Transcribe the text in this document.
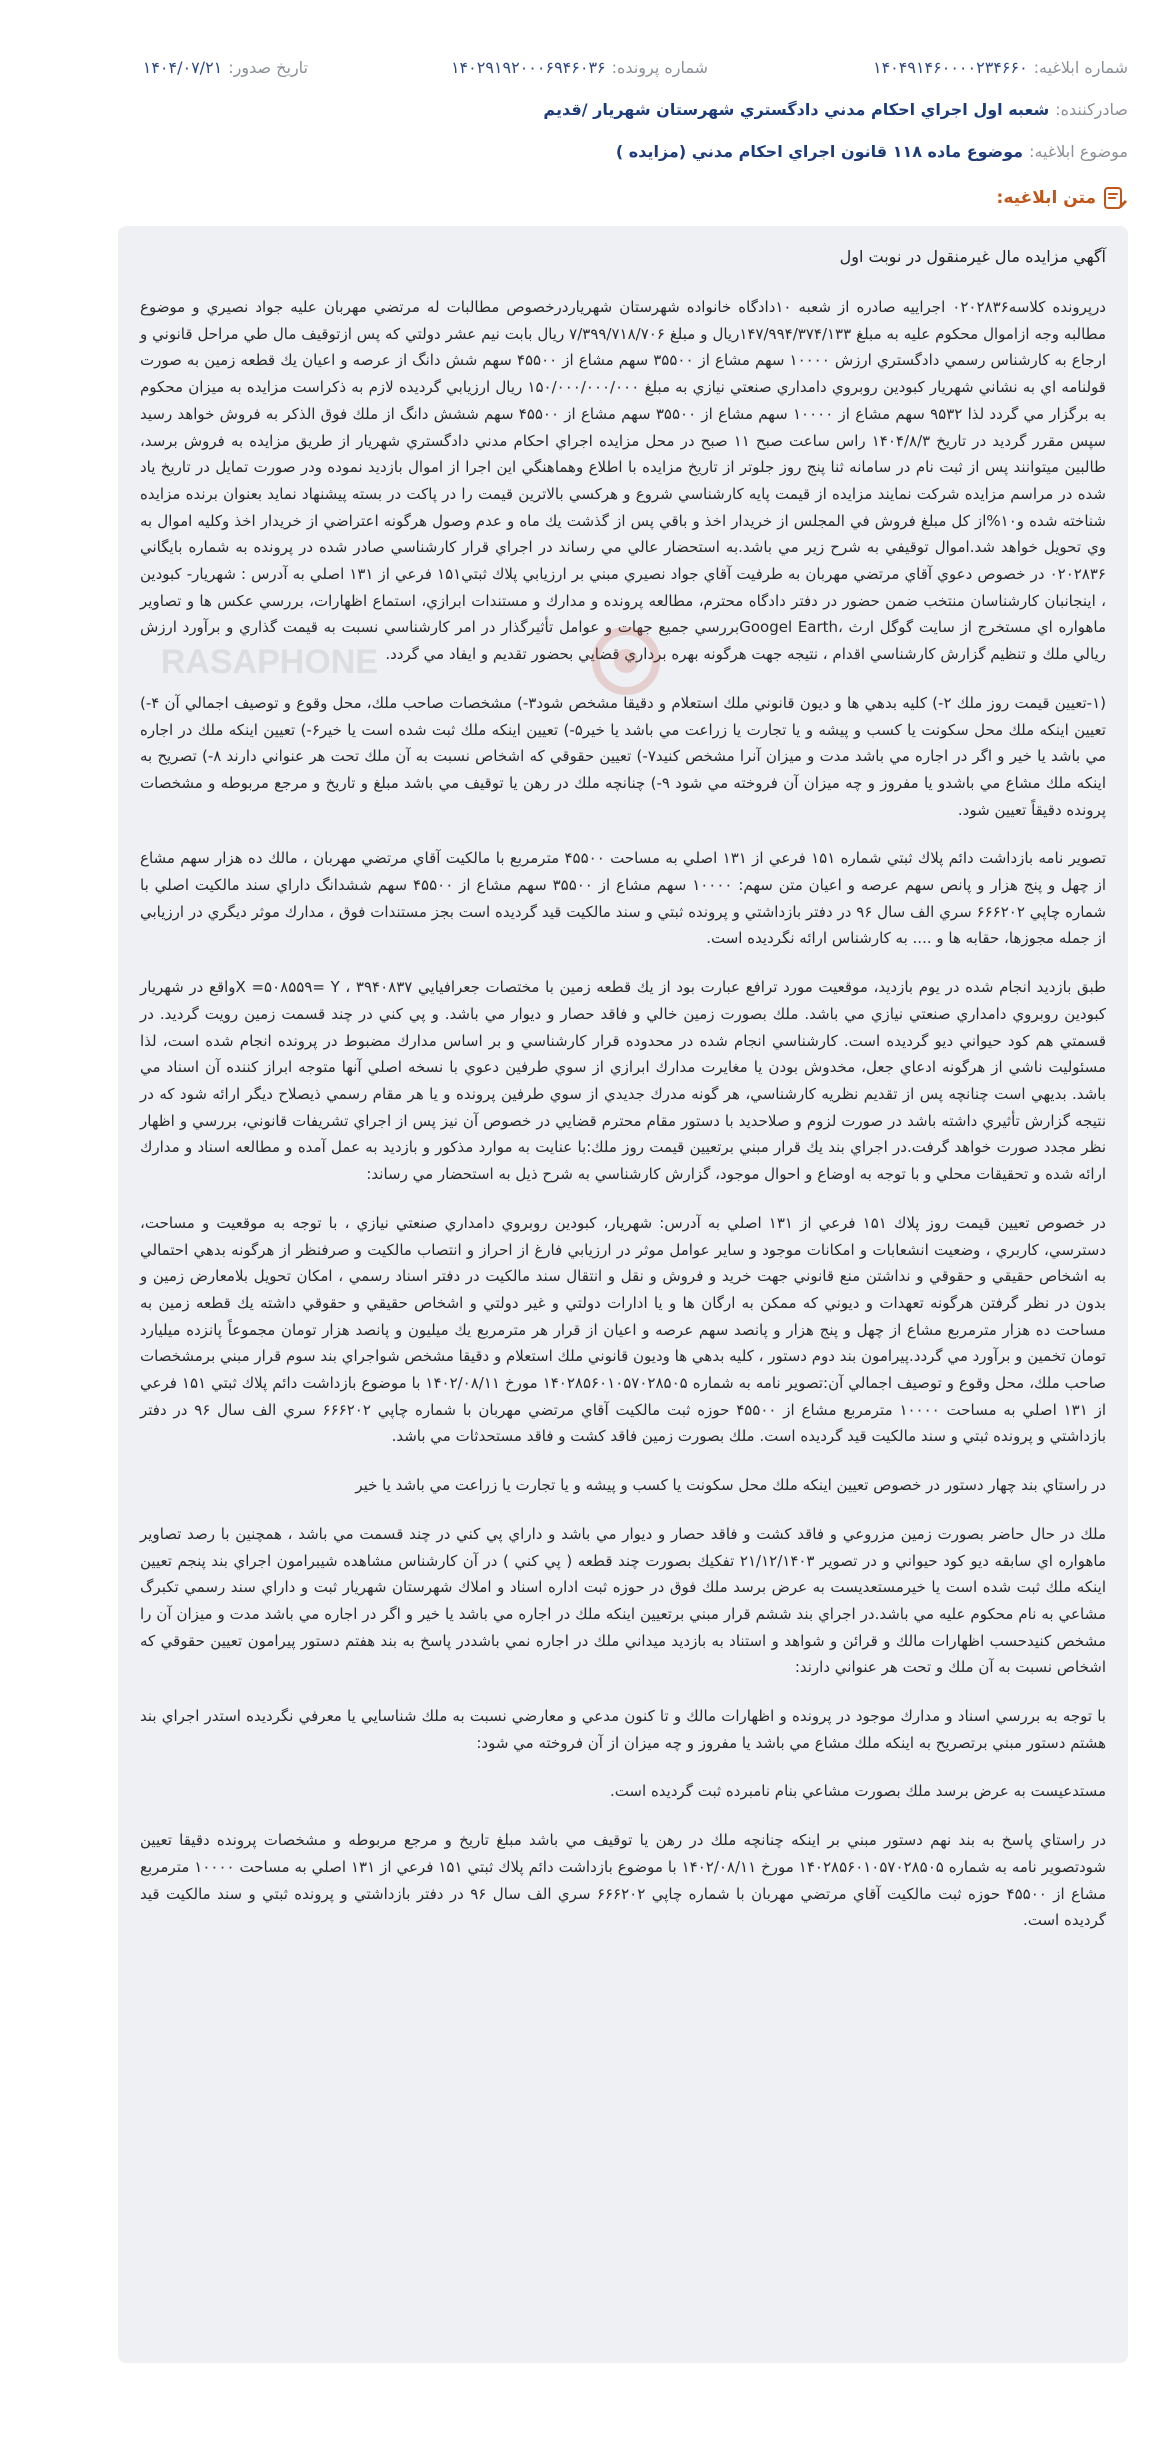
شماره ابلاغیه:
۱۴۰۴۹۱۴۶۰۰۰۰۲۳۴۶۶۰
شماره پرونده:
۱۴۰۲۹۱۹۲۰۰۰۶۹۴۶۰۳۶
تاریخ صدور:
۱۴۰۴/۰۷/۲۱
صادرکننده:
شعبه اول اجراي احكام مدني دادگستري شهرستان شهريار /قديم
موضوع ابلاغیه:
موضوع ماده ۱۱۸ قانون اجراي احكام مدني (مزايده )
متن ابلاغیه:
RASAPHONE

آگهي مزايده مال غيرمنقول در نوبت اول

درپرونده كلاسه۰۲۰۲۸۳۶ اجراييه صادره از شعبه ۱۰دادگاه خانواده شهرستان شهرياردرخصوص مطالبات له مرتضي مهربان عليه جواد نصيري و موضوع مطالبه وجه ازاموال محكوم عليه به مبلغ ۱۴۷/۹۹۴/۳۷۴/۱۳۳ريال و مبلغ ۷/۳۹۹/۷۱۸/۷۰۶ ريال بابت نيم عشر دولتي كه پس ازتوقيف مال طي مراحل قانوني و ارجاع به كارشناس رسمي دادگستري ارزش ۱۰۰۰۰ سهم مشاع از ۳۵۵۰۰ سهم مشاع از ۴۵۵۰۰ سهم شش دانگ از عرصه و اعيان يك قطعه زمين به صورت قولنامه اي به نشاني شهريار كبودين روبروي دامداري صنعتي نيازي به مبلغ ۱۵۰/۰۰۰/۰۰۰/۰۰۰ ريال ارزيابي گرديده لازم به ذكراست مزايده به ميزان محكوم به برگزار مي گردد لذا ۹۵۳۲ سهم مشاع از ۱۰۰۰۰ سهم مشاع از ۳۵۵۰۰ سهم مشاع از ۴۵۵۰۰ سهم ششش دانگ از ملك فوق الذكر به فروش خواهد رسيد سپس مقرر گرديد در تاريخ ۱۴۰۴/۸/۳ راس ساعت صبح ۱۱ صبح در محل مزايده اجراي احكام مدني دادگستري شهريار از طريق مزايده به فروش برسد، طالبين ميتوانند پس از ثبت نام در سامانه ثنا پنج روز جلوتر از تاريخ مزايده با اطلاع وهماهنگي اين اجرا از اموال بازديد نموده ودر صورت تمايل در تاريخ ياد شده در مراسم مزايده شركت نمايند مزايده از قيمت پايه كارشناسي شروع و هركسي بالاترين قيمت را در پاكت در بسته پيشنهاد نمايد بعنوان برنده مزايده شناخته شده و۱۰%از كل مبلغ فروش في المجلس از خريدار اخذ و باقي پس از گذشت يك ماه و عدم وصول هرگونه اعتراضي از خريدار اخذ وكليه اموال به وي تحويل خواهد شد.اموال توقيفي به شرح زير مي باشد.به استحضار عالي مي رساند در اجراي قرار كارشناسي صادر شده در پرونده به شماره بايگاني ۰۲۰۲۸۳۶ در خصوص دعوي آقاي مرتضي مهربان به طرفيت آقاي جواد نصيري مبني بر ارزيابي پلاك ثبتي۱۵۱ فرعي از ۱۳۱ اصلي به آدرس : شهريار- كبودين ، اينجانبان كارشناسان منتخب ضمن حضور در دفتر دادگاه محترم، مطالعه پرونده و مدارك و مستندات ابرازي، استماع اظهارات، بررسي عكس ها و تصاوير ماهواره اي مستخرج از سايت گوگل ارث ،Googel Earthبررسي جميع جهات و عوامل تأثيرگذار در امر كارشناسي نسبت به قيمت گذاري و برآورد ارزش ريالي ملك و تنظيم گزارش كارشناسي اقدام ، نتيجه جهت هرگونه بهره برداري قضايي بحضور تقديم و ايفاد مي گردد.

(۱-تعيين قيمت روز ملك ۲-) كليه بدهي ها و ديون قانوني ملك استعلام و دقيقا مشخص شود۳-) مشخصات صاحب ملك، محل وقوع و توصيف اجمالي آن ۴-) تعيين اينكه ملك محل سكونت يا كسب و پيشه و يا تجارت يا زراعت مي باشد يا خير۵-) تعيين اينكه ملك ثبت شده است يا خير۶-) تعيين اينكه ملك در اجاره مي باشد يا خير و اگر در اجاره مي باشد مدت و ميزان آنرا مشخص كنيد۷-) تعيين حقوقي كه اشخاص نسبت به آن ملك تحت هر عنواني دارند ۸-) تصريح به اينكه ملك مشاع مي باشدو يا مفروز و چه ميزان آن فروخته مي شود ۹-) چنانچه ملك در رهن يا توقيف مي باشد مبلغ و تاريخ و مرجع مربوطه و مشخصات پرونده دقيقاً تعيين شود.

تصوير نامه بازداشت دائم پلاك ثبتي شماره ۱۵۱ فرعي از ۱۳۱ اصلي به مساحت ۴۵۵۰۰ مترمربع با مالكيت آقاي مرتضي مهربان ، مالك ده هزار سهم مشاع از چهل و پنج هزار و پانص سهم عرصه و اعيان متن سهم: ۱۰۰۰۰ سهم مشاع از ۳۵۵۰۰ سهم مشاع از ۴۵۵۰۰ سهم ششدانگ داراي سند مالكيت اصلي با شماره چاپي ۶۶۶۲۰۲ سري الف سال ۹۶ در دفتر بازداشتي و پرونده ثبتي و سند مالكيت قيد گرديده است بجز مستندات فوق ، مدارك موثر ديگري در ارزيابي از جمله مجوزها، حقابه ها و .... به كارشناس ارائه نگرديده است.

طبق بازديد انجام شده در يوم بازديد، موقعيت مورد ترافع عبارت بود از يك قطعه زمين با مختصات جعرافيايي ۳۹۴۰۸۳۷ ، X =۵۰۸۵۵۹= Yواقع در شهريار كبودين روبروي دامداري صنعتي نيازي مي باشد. ملك بصورت زمين خالي و فاقد حصار و ديوار مي باشد. و پي كني در چند قسمت زمين رويت گرديد. در قسمتي هم كود حيواني ديو گرديده است. كارشناسي انجام شده در محدوده قرار كارشناسي و بر اساس مدارك مضبوط در پرونده انجام شده است، لذا مسئوليت ناشي از هرگونه ادعاي جعل، مخدوش بودن يا مغايرت مدارك ابرازي از سوي طرفين دعوي با نسخه اصلي آنها متوجه ابراز كننده آن اسناد مي باشد. بديهي است چنانچه پس از تقديم نظريه كارشناسي، هر گونه مدرك جديدي از سوي طرفين پرونده و يا هر مقام رسمي ذيصلاح ديگر ارائه شود كه در نتيجه گزارش تأثيري داشته باشد در صورت لزوم و صلاحديد با دستور مقام محترم قضايي در خصوص آن نيز پس از اجراي تشريفات قانوني، بررسي و اظهار نظر مجدد صورت خواهد گرفت.در اجراي بند يك قرار مبني برتعيين قيمت روز ملك:با عنايت به موارد مذكور و بازديد به عمل آمده و مطالعه اسناد و مدارك ارائه شده و تحقيقات محلي و با توجه به اوضاع و احوال موجود، گزارش كارشناسي به شرح ذيل به استحضار مي رساند:

در خصوص تعيين قيمت روز پلاك ۱۵۱ فرعي از ۱۳۱ اصلي به آدرس: شهريار، كبودين روبروي دامداري صنعتي نيازي ، با توجه به موقعيت و مساحت، دسترسي، كاربري ، وضعيت انشعابات و امكانات موجود و ساير عوامل موثر در ارزيابي فارغ از احراز و انتصاب مالكيت و صرفنظر از هرگونه بدهي احتمالي به اشخاص حقيقي و حقوقي و نداشتن منع قانوني جهت خريد و فروش و نقل و انتقال سند مالكيت در دفتر اسناد رسمي ، امكان تحويل بلامعارض زمين و بدون در نظر گرفتن هرگونه تعهدات و ديوني كه ممكن به ارگان ها و يا ادارات دولتي و غير دولتي و اشخاص حقيقي و حقوقي داشته يك قطعه زمين به مساحت ده هزار مترمربع مشاع از چهل و پنج هزار و پانصد سهم عرصه و اعيان از قرار هر مترمربع يك ميليون و پانصد هزار تومان مجموعاً پانزده ميليارد تومان تخمين و برآورد مي گردد.پيرامون بند دوم دستور ، كليه بدهي ها وديون قانوني ملك استعلام و دقيقا مشخص شواجراي بند سوم قرار مبني برمشخصات صاحب ملك، محل وقوع و توصيف اجمالي آن:تصوير نامه به شماره ۱۴۰۲۸۵۶۰۱۰۵۷۰۲۸۵۰۵ مورخ ۱۴۰۲/۰۸/۱۱ با موضوع بازداشت دائم پلاك ثبتي ۱۵۱ فرعي از ۱۳۱ اصلي به مساحت ۱۰۰۰۰ مترمربع مشاع از ۴۵۵۰۰ حوزه ثبت مالكيت آقاي مرتضي مهربان با شماره چاپي ۶۶۶۲۰۲ سري الف سال ۹۶ در دفتر بازداشتي و پرونده ثبتي و سند مالكيت قيد گرديده است. ملك بصورت زمين فاقد كشت و فاقد مستحدثات مي باشد.

در راستاي بند چهار دستور در خصوص تعيين اينكه ملك محل سكونت يا كسب و پيشه و يا تجارت يا زراعت مي باشد يا خير

ملك در حال حاضر بصورت زمين مزروعي و فاقد كشت و فاقد حصار و ديوار مي باشد و داراي پي كني در چند قسمت مي باشد ، همچنين با رصد تصاوير ماهواره اي سابقه ديو كود حيواني و در تصوير ۲۱/۱۲/۱۴۰۳ تفكيك بصورت چند قطعه ( پي كني ) در آن كارشناس مشاهده شيبرامون اجراي بند پنجم تعيين اينكه ملك ثبت شده است يا خيرمستعديست به عرض برسد ملك فوق در حوزه ثبت اداره اسناد و املاك شهرستان شهريار ثبت و داراي سند رسمي تكبرگ مشاعي به نام محكوم عليه مي باشد.در اجراي بند ششم قرار مبني برتعيين اينكه ملك در اجاره مي باشد يا خير و اگر در اجاره مي باشد مدت و ميزان آن را مشخص كنيدحسب اظهارات مالك و قرائن و شواهد و استناد به بازديد ميداني ملك در اجاره نمي باشددر پاسخ به بند هفتم دستور پيرامون تعيين حقوقي كه اشخاص نسبت به آن ملك و تحت هر عنواني دارند:

با توجه به بررسي اسناد و مدارك موجود در پرونده و اظهارات مالك و تا كنون مدعي و معارضي نسبت به ملك شناسايي يا معرفي نگرديده استدر اجراي بند هشتم دستور مبني برتصريح به اينكه ملك مشاع مي باشد يا مفروز و چه ميزان از آن فروخته مي شود:

مستدعيست به عرض برسد ملك بصورت مشاعي بنام نامبرده ثبت گرديده است.

در راستاي پاسخ به بند نهم دستور مبني بر اينكه چنانچه ملك در رهن يا توقيف مي باشد مبلغ تاريخ و مرجع مربوطه و مشخصات پرونده دقيقا تعيين شودتصوير نامه به شماره ۱۴۰۲۸۵۶۰۱۰۵۷۰۲۸۵۰۵ مورخ ۱۴۰۲/۰۸/۱۱ با موضوع بازداشت دائم پلاك ثبتي ۱۵۱ فرعي از ۱۳۱ اصلي به مساحت ۱۰۰۰۰ مترمربع مشاع از ۴۵۵۰۰ حوزه ثبت مالكيت آقاي مرتضي مهربان با شماره چاپي ۶۶۶۲۰۲ سري الف سال ۹۶ در دفتر بازداشتي و پرونده ثبتي و سند مالكيت قيد گرديده است.
